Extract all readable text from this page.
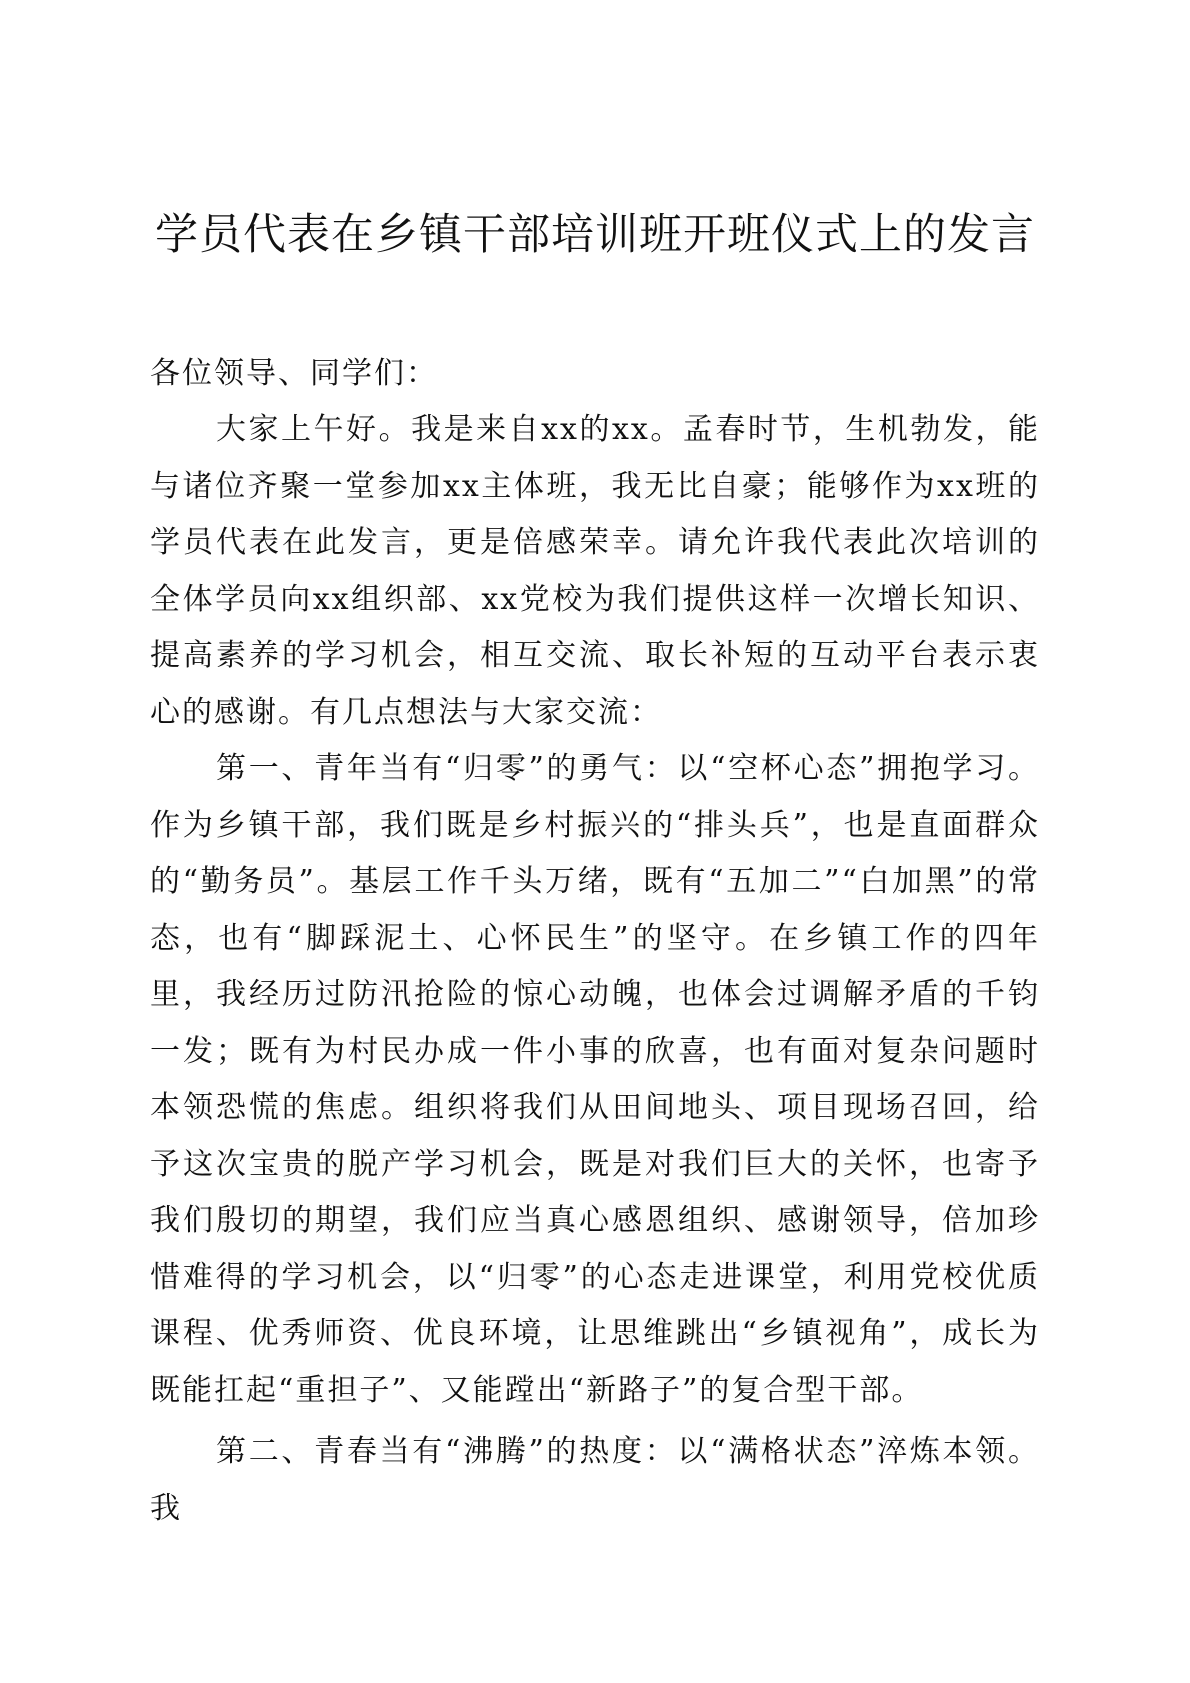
学员代表在乡镇干部培训班开班仪式上的发言

各位领导、同学们：

大家上午好。我是来自xx的xx。孟春时节，生机勃发，能与诸位齐聚一堂参加xx主体班，我无比自豪；能够作为xx班的学员代表在此发言，更是倍感荣幸。请允许我代表此次培训的全体学员向xx组织部、xx党校为我们提供这样一次增长知识、提高素养的学习机会，相互交流、取长补短的互动平台表示衷心的感谢。有几点想法与大家交流：

第一、青年当有“归零”的勇气：以“空杯心态”拥抱学习。作为乡镇干部，我们既是乡村振兴的“排头兵”，也是直面群众的“勤务员”。基层工作千头万绪，既有“五加二”“白加黑”的常态，也有“脚踩泥土、心怀民生”的坚守。在乡镇工作的四年里，我经历过防汛抢险的惊心动魄，也体会过调解矛盾的千钧一发；既有为村民办成一件小事的欣喜，也有面对复杂问题时本领恐慌的焦虑。组织将我们从田间地头、项目现场召回，给予这次宝贵的脱产学习机会，既是对我们巨大的关怀，也寄予我们殷切的期望，我们应当真心感恩组织、感谢领导，倍加珍惜难得的学习机会，以“归零”的心态走进课堂，利用党校优质课程、优秀师资、优良环境，让思维跳出“乡镇视角”，成长为既能扛起“重担子”、又能蹚出“新路子”的复合型干部。

第二、青春当有“沸腾”的热度：以“满格状态”淬炼本领。我
